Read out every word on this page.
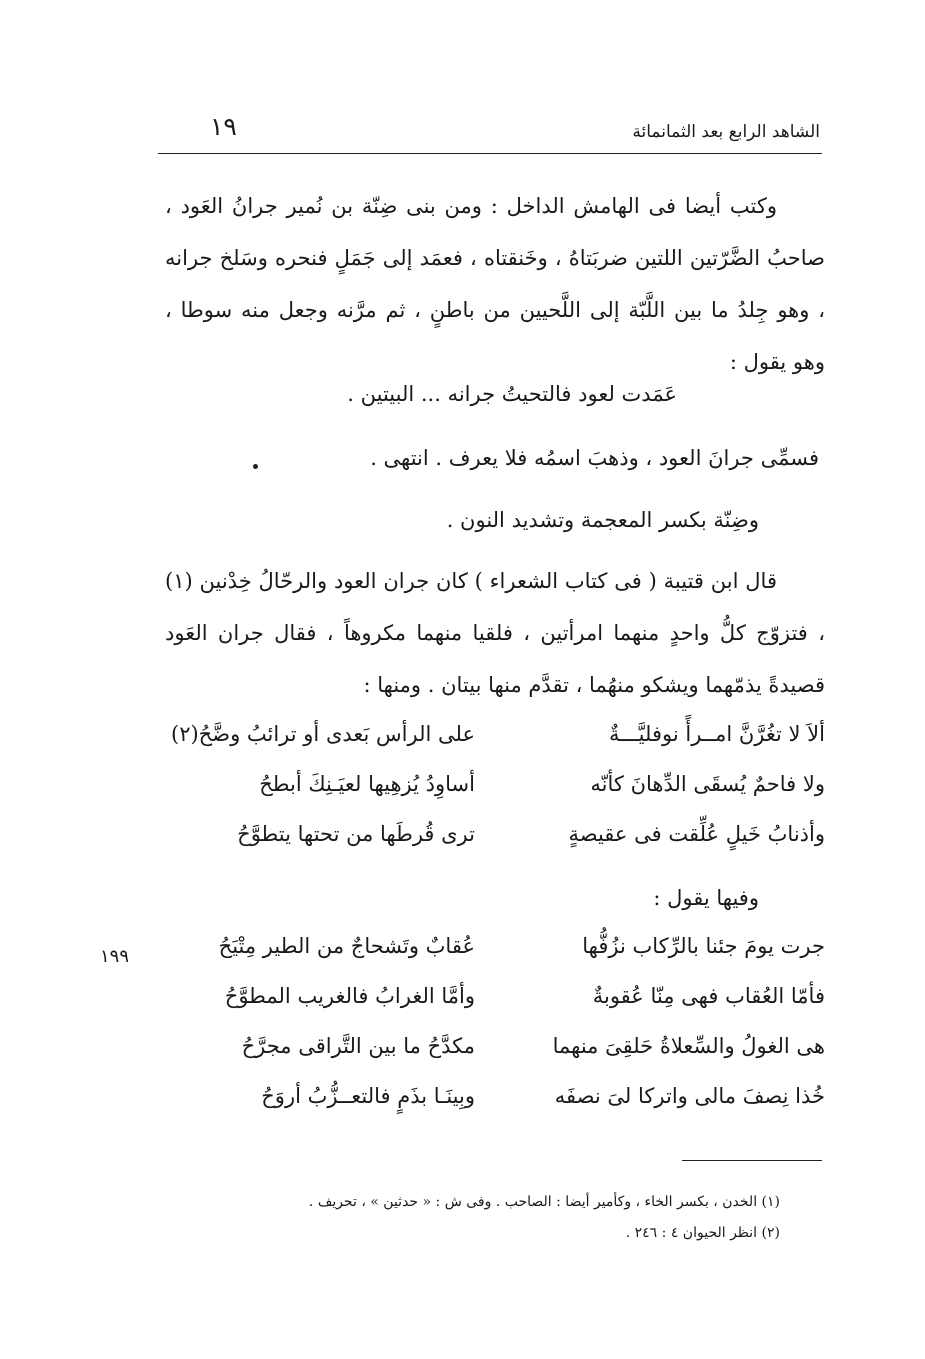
الشاهد الرابع بعد الثمانمائة
١٩

وكتب أيضا فى الهامش الداخل : ومن بنى ضِنّة بن نُمير جرانُ العَود ، صاحبُ الضَّرّتين اللتين ضربَتاهُ ، وخَنقتاه ، فعمَد إلى جَمَلٍ فنحره وسَلخ جرانه ، وهو جِلدُ ما بين اللَّبّة إلى اللَّحيين من باطنٍ ، ثم مرَّنه وجعل منه سوطا ، وهو يقول :

عَمَدت لعود فالتحيتُ جرانه ... البيتين .
فسمِّى جرانَ العود ، وذهبَ اسمُه فلا يعرف . انتهى .
وضِنّة بكسر المعجمة وتشديد النون .

قال ابن قتيبة ( فى كتاب الشعراء ) كان جران العود والرحّالُ خِدْنين (١) ، فتزوّج كلُّ واحدٍ منهما امرأتين ، فلقيا منهما مكروهاً ، فقال جران العَود قصيدةً يذمّهما ويشكو منهُما ، تقدَّم منها بيتان . ومنها :

ألاَ لا تغُرَّنَّ امــرأً نوفليَّـــةٌ
على الرأس بَعدى أو ترائبُ وضَّحُ(٢)
ولا فاحمٌ يُسقَى الدِّهانَ كأنّه
أساوِدُ يُزهِيها لعيَـنِكَ أبطحُ
وأذنابُ خَيلٍ عُلِّقت فى عقيصةٍ
ترى قُرطَها من تحتها يتطوَّحُ
وفيها يقول :
جرت يومَ جئنا بالرِّكاب نزُفُّها
عُقابٌ وتَشحاجٌ من الطير مِتْيَحُ
فأمّا العُقاب فهى مِنّا عُقوبةٌ
وأمَّا الغرابُ فالغريب المطوَّحُ
هى الغولُ والسِّعلاةُ حَلقِىَ منهما
مكدَّحُ ما بين التَّراقى مجرَّحُ
خُذا نِصفَ مالى واتركا لىَ نصفَه
وبِينَـا بذَمٍ فالتعــزُّبُ أروَحُ
١٩٩
(١) الخدن ، بكسر الخاء ، وكأمير أيضا : الصاحب . وفى ش : « حدثين » ، تحريف .
(٢) انظر الحيوان ٤ : ٢٤٦ .
